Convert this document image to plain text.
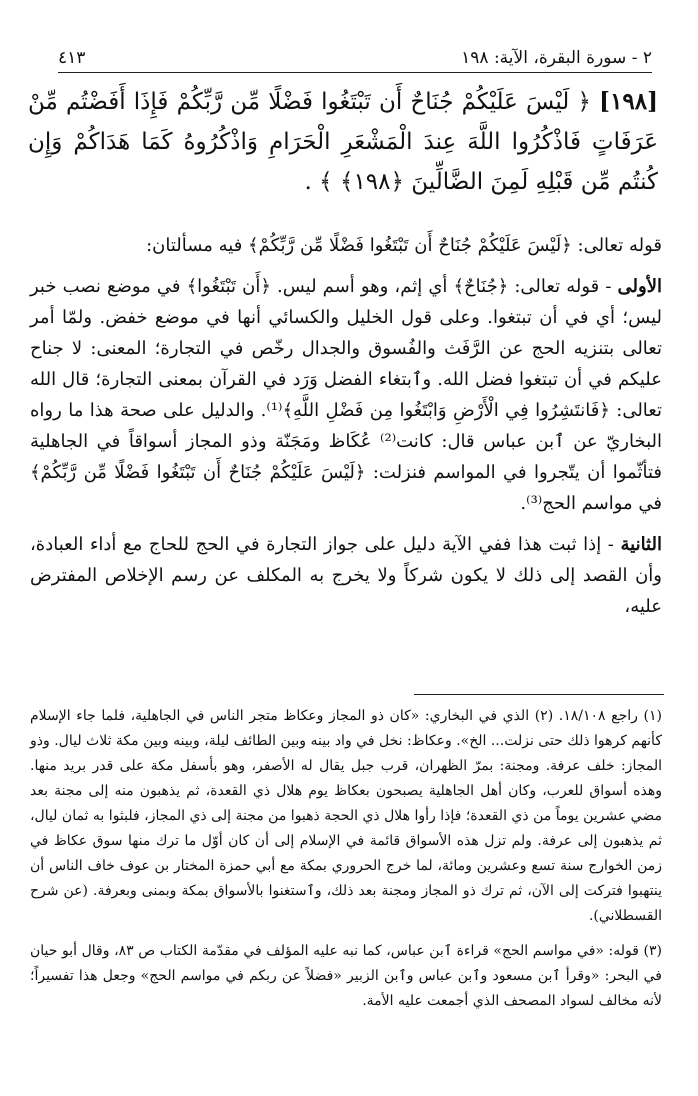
٢ - سورة البقرة، الآية: ١٩٨
٤١٣
[١٩٨] ﴿ لَيْسَ عَلَيْكُمْ جُنَاحٌ أَن تَبْتَغُوا فَضْلًا مِّن رَّبِّكُمْ فَإِذَا أَفَضْتُم مِّنْ عَرَفَاتٍ فَاذْكُرُوا اللَّهَ عِندَ الْمَشْعَرِ الْحَرَامِ وَاذْكُرُوهُ كَمَا هَدَاكُمْ وَإِن كُنتُم مِّن قَبْلِهِ لَمِنَ الضَّالِّينَ ﴿١٩٨﴾ ﴾ .

قوله تعالى: ﴿لَيْسَ عَلَيْكُمْ جُنَاحٌ أَن تَبْتَغُوا فَضْلًا مِّن رَّبِّكُمْ﴾ فيه مسألتان:

الأولى - قوله تعالى: ﴿جُنَاحٌ﴾ أي إثم، وهو أسم ليس. ﴿أَن تَبْتَغُوا﴾ في موضع نصب خبر ليس؛ أي في أن تبتغوا. وعلى قول الخليل والكسائي أنها في موضع خفض. ولمّا أمر تعالى بتنزيه الحج عن الرَّفَث والفُسوق والجدال رخّص في التجارة؛ المعنى: لا جناح عليكم في أن تبتغوا فضل الله. وٱبتغاء الفضل وَرَد في القرآن بمعنى التجارة؛ قال الله تعالى: ﴿فَانتَشِرُوا فِي الْأَرْضِ وَابْتَغُوا مِن فَضْلِ اللَّهِ﴾⁽¹⁾. والدليل على صحة هذا ما رواه البخاريّ عن ٱبن عباس قال: كانت⁽²⁾ عُكَاظ ومَجَنّة وذو المجاز أسواقاً في الجاهلية فتأثّموا أن يتّجروا في المواسم فنزلت: ﴿لَيْسَ عَلَيْكُمْ جُنَاحٌ أَن تَبْتَغُوا فَضْلًا مِّن رَّبِّكُمْ﴾ في مواسم الحج⁽³⁾.

الثانية - إذا ثبت هذا ففي الآية دليل على جواز التجارة في الحج للحاج مع أداء العبادة، وأن القصد إلى ذلك لا يكون شركاً ولا يخرج به المكلف عن رسم الإخلاص المفترض عليه،

(١) راجع ١٨/١٠٨. (٢) الذي في البخاري: «كان ذو المجاز وعكاظ متجر الناس في الجاهلية، فلما جاء الإسلام كأنهم كرهوا ذلك حتى نزلت... الخ». وعكاظ: نخل في واد بينه وبين الطائف ليلة، وبينه وبين مكة ثلاث ليال. وذو المجاز: خلف عرفة. ومجنة: بمرّ الظهران، قرب جبل يقال له الأصفر، وهو بأسفل مكة على قدر بريد منها. وهذه أسواق للعرب، وكان أهل الجاهلية يصبحون بعكاظ يوم هلال ذي القعدة، ثم يذهبون منه إلى مجنة بعد مضي عشرين يوماً من ذي القعدة؛ فإذا رأوا هلال ذي الحجة ذهبوا من مجنة إلى ذي المجاز، فلبثوا به ثمان ليال، ثم يذهبون إلى عرفة. ولم تزل هذه الأسواق قائمة في الإسلام إلى أن كان أوّل ما ترك منها سوق عكاظ في زمن الخوارج سنة تسع وعشرين ومائة، لما خرج الحروري بمكة مع أبي حمزة المختار بن عوف خاف الناس أن ينتهبوا فتركت إلى الآن، ثم ترك ذو المجاز ومجنة بعد ذلك، وٱستغنوا بالأسواق بمكة وبمنى وبعرفة. (عن شرح القسطلاني).

(٣) قوله: «في مواسم الحج» قراءة ٱبن عباس، كما نبه عليه المؤلف في مقدّمة الكتاب ص ٨٣، وقال أبو حيان في البحر: «وقرأ ٱبن مسعود وٱبن عباس وٱبن الزبير «فضلاً عن ربكم في مواسم الحج» وجعل هذا تفسيراً؛ لأنه مخالف لسواد المصحف الذي أجمعت عليه الأمة.
